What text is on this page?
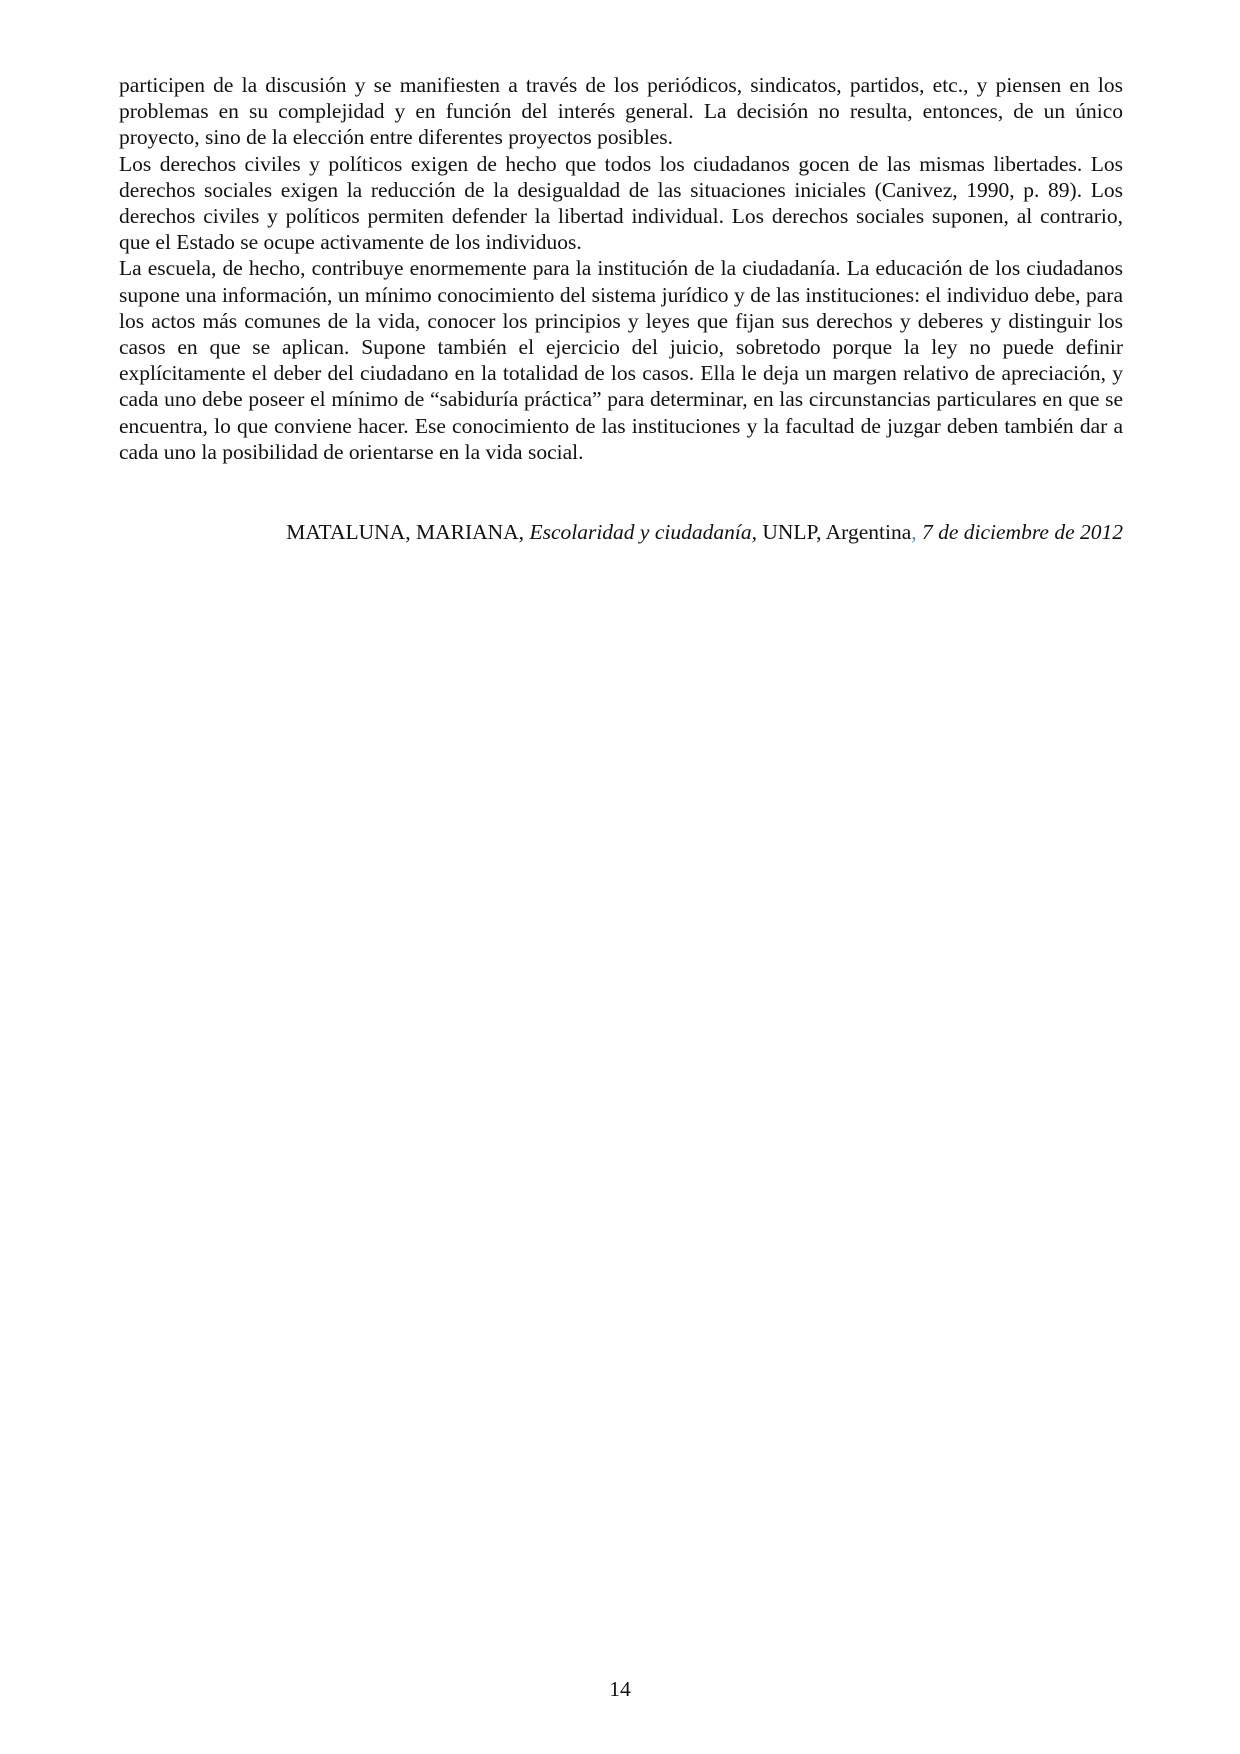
participen de la discusión y se manifiesten a través de los periódicos, sindicatos, partidos, etc., y piensen en los problemas en su complejidad y en función del interés general. La decisión no resulta, entonces, de un único proyecto, sino de la elección entre diferentes proyectos posibles.

Los derechos civiles y políticos exigen de hecho que todos los ciudadanos gocen de las mismas libertades. Los derechos sociales exigen la reducción de la desigualdad de las situaciones iniciales (Canivez, 1990, p. 89). Los derechos civiles y políticos permiten defender la libertad individual. Los derechos sociales suponen, al contrario, que el Estado se ocupe activamente de los individuos.

La escuela, de hecho, contribuye enormemente para la institución de la ciudadanía. La educación de los ciudadanos supone una información, un mínimo conocimiento del sistema jurídico y de las instituciones: el individuo debe, para los actos más comunes de la vida, conocer los principios y leyes que fijan sus derechos y deberes y distinguir los casos en que se aplican. Supone también el ejercicio del juicio, sobretodo porque la ley no puede definir explícitamente el deber del ciudadano en la totalidad de los casos. Ella le deja un margen relativo de apreciación, y cada uno debe poseer el mínimo de “sabiduría práctica” para determinar, en las circunstancias particulares en que se encuentra, lo que conviene hacer. Ese conocimiento de las instituciones y la facultad de juzgar deben también dar a cada uno la posibilidad de orientarse en la vida social.

MATALUNA, MARIANA, Escolaridad y ciudadanía, UNLP, Argentina, 7 de diciembre de 2012
14
